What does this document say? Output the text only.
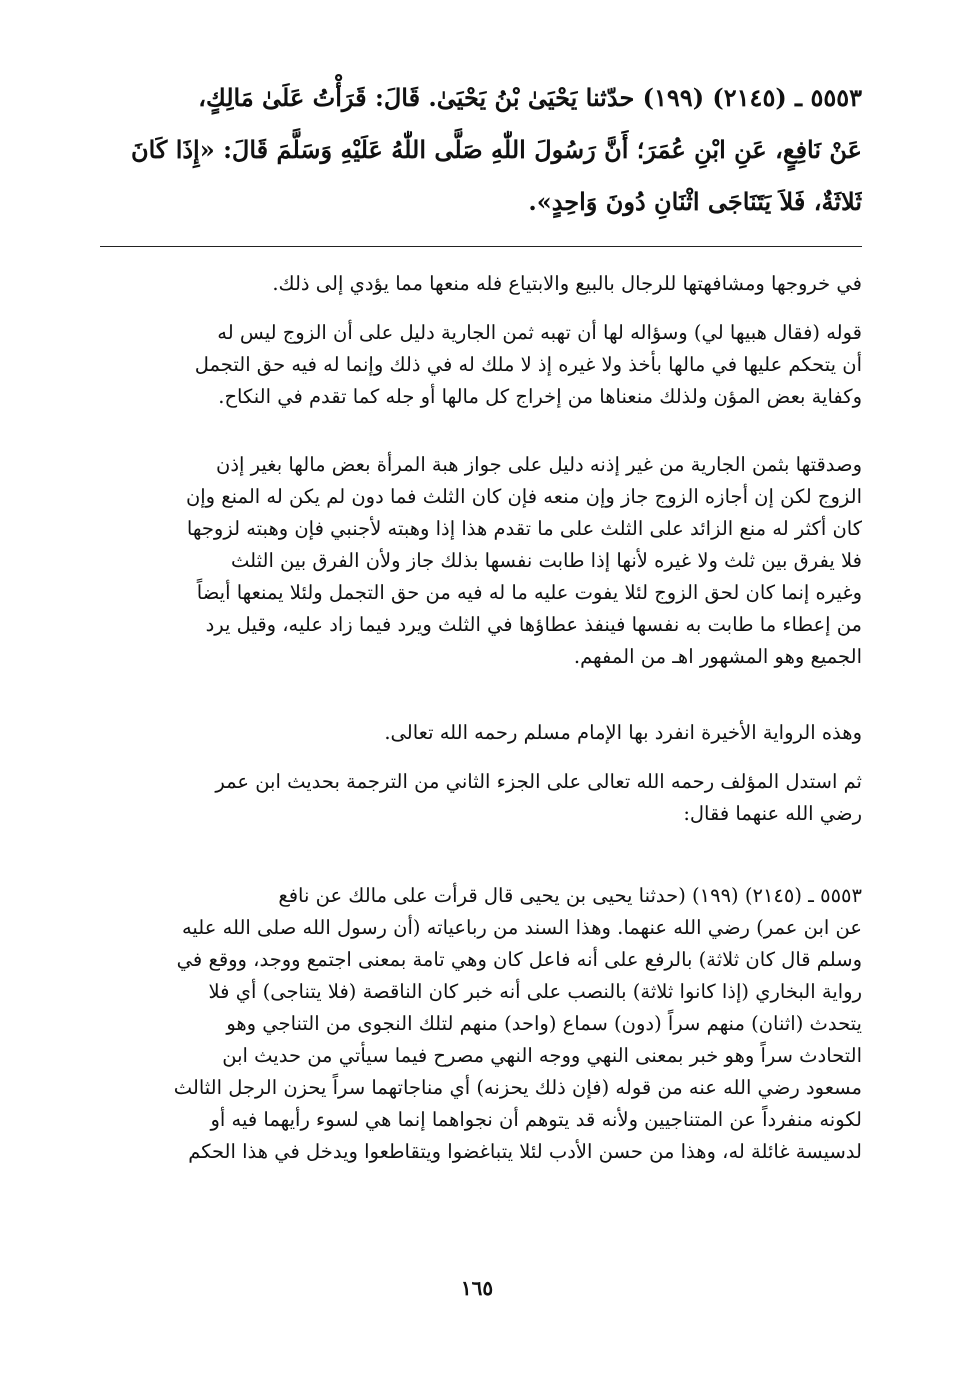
٥٥٥٣ ـ (٢١٤٥) (١٩٩) حدّثنا يَحْيَىٰ بْنُ يَحْيَىٰ. قَالَ: قَرَأْتُ عَلَىٰ مَالِكٍ،
عَنْ نَافِعٍ، عَنِ ابْنِ عُمَرَ؛ أَنَّ رَسُولَ اللّٰهِ صَلَّى اللّٰهُ عَلَيْهِ وَسَلَّمَ قَالَ: «إِذَا كَانَ
ثَلاثَةٌ، فَلاَ يَتَنَاجَى اثْنَانِ دُونَ وَاحِدٍ».
في خروجها ومشافهتها للرجال بالبيع والابتياع فله منعها مما يؤدي إلى ذلك.
قوله (فقال هبيها لي) وسؤاله لها أن تهبه ثمن الجارية دليل على أن الزوج ليس له
أن يتحكم عليها في مالها بأخذ ولا غيره إذ لا ملك له في ذلك وإنما له فيه حق التجمل
وكفاية بعض المؤن ولذلك منعناها من إخراج كل مالها أو جله كما تقدم في النكاح.
وصدقتها بثمن الجارية من غير إذنه دليل على جواز هبة المرأة بعض مالها بغير إذن
الزوج لكن إن أجازه الزوج جاز وإن منعه فإن كان الثلث فما دون لم يكن له المنع وإن
كان أكثر له منع الزائد على الثلث على ما تقدم هذا إذا وهبته لأجنبي فإن وهبته لزوجها
فلا يفرق بين ثلث ولا غيره لأنها إذا طابت نفسها بذلك جاز ولأن الفرق بين الثلث
وغيره إنما كان لحق الزوج لئلا يفوت عليه ما له فيه من حق التجمل ولئلا يمنعها أيضاً
من إعطاء ما طابت به نفسها فينفذ عطاؤها في الثلث ويرد فيما زاد عليه، وقيل يرد
الجميع وهو المشهور اهـ من المفهم.
وهذه الرواية الأخيرة انفرد بها الإمام مسلم رحمه الله تعالى.
ثم استدل المؤلف رحمه الله تعالى على الجزء الثاني من الترجمة بحديث ابن عمر
رضي الله عنهما فقال:
٥٥٥٣ ـ (٢١٤٥) (١٩٩) (حدثنا يحيى بن يحيى قال قرأت على مالك عن نافع
عن ابن عمر) رضي الله عنهما. وهذا السند من رباعياته (أن رسول الله صلى الله عليه
وسلم قال كان ثلاثة) بالرفع على أنه فاعل كان وهي تامة بمعنى اجتمع ووجد، ووقع في
رواية البخاري (إذا كانوا ثلاثة) بالنصب على أنه خبر كان الناقصة (فلا يتناجى) أي فلا
يتحدث (اثنان) منهم سراً (دون) سماع (واحد) منهم لتلك النجوى من التناجي وهو
التحادث سراً وهو خبر بمعنى النهي ووجه النهي مصرح فيما سيأتي من حديث ابن
مسعود رضي الله عنه من قوله (فإن ذلك يحزنه) أي مناجاتهما سراً يحزن الرجل الثالث
لكونه منفرداً عن المتناجيين ولأنه قد يتوهم أن نجواهما إنما هي لسوء رأيهما فيه أو
لدسيسة غائلة له، وهذا من حسن الأدب لئلا يتباغضوا ويتقاطعوا ويدخل في هذا الحكم
١٦٥
